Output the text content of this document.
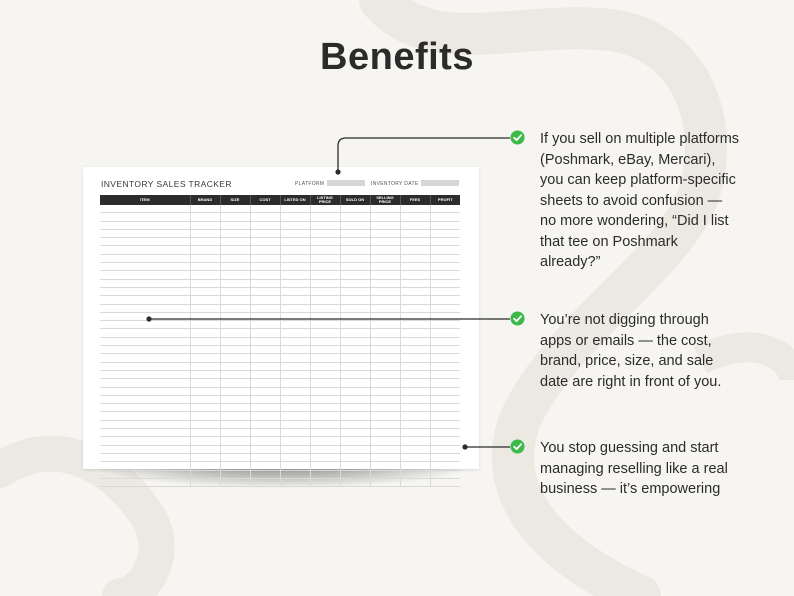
Benefits
INVENTORY SALES TRACKER	PLATFORM	INVENTORY DATE
ITEM	BRAND	SIZE	COST	LISTED ON	LISTING PRICE	SOLD ON	SELLING PRICE	FEES	PROFIT

If you sell on multiple platforms (Poshmark, eBay, Mercari), you can keep platform-specific sheets to avoid confusion — no more wondering, “Did I list that tee on Poshmark already?”
You’re not digging through apps or emails — the cost, brand, price, size, and sale date are right in front of you.
You stop guessing and start managing reselling like a real business — it’s empowering
